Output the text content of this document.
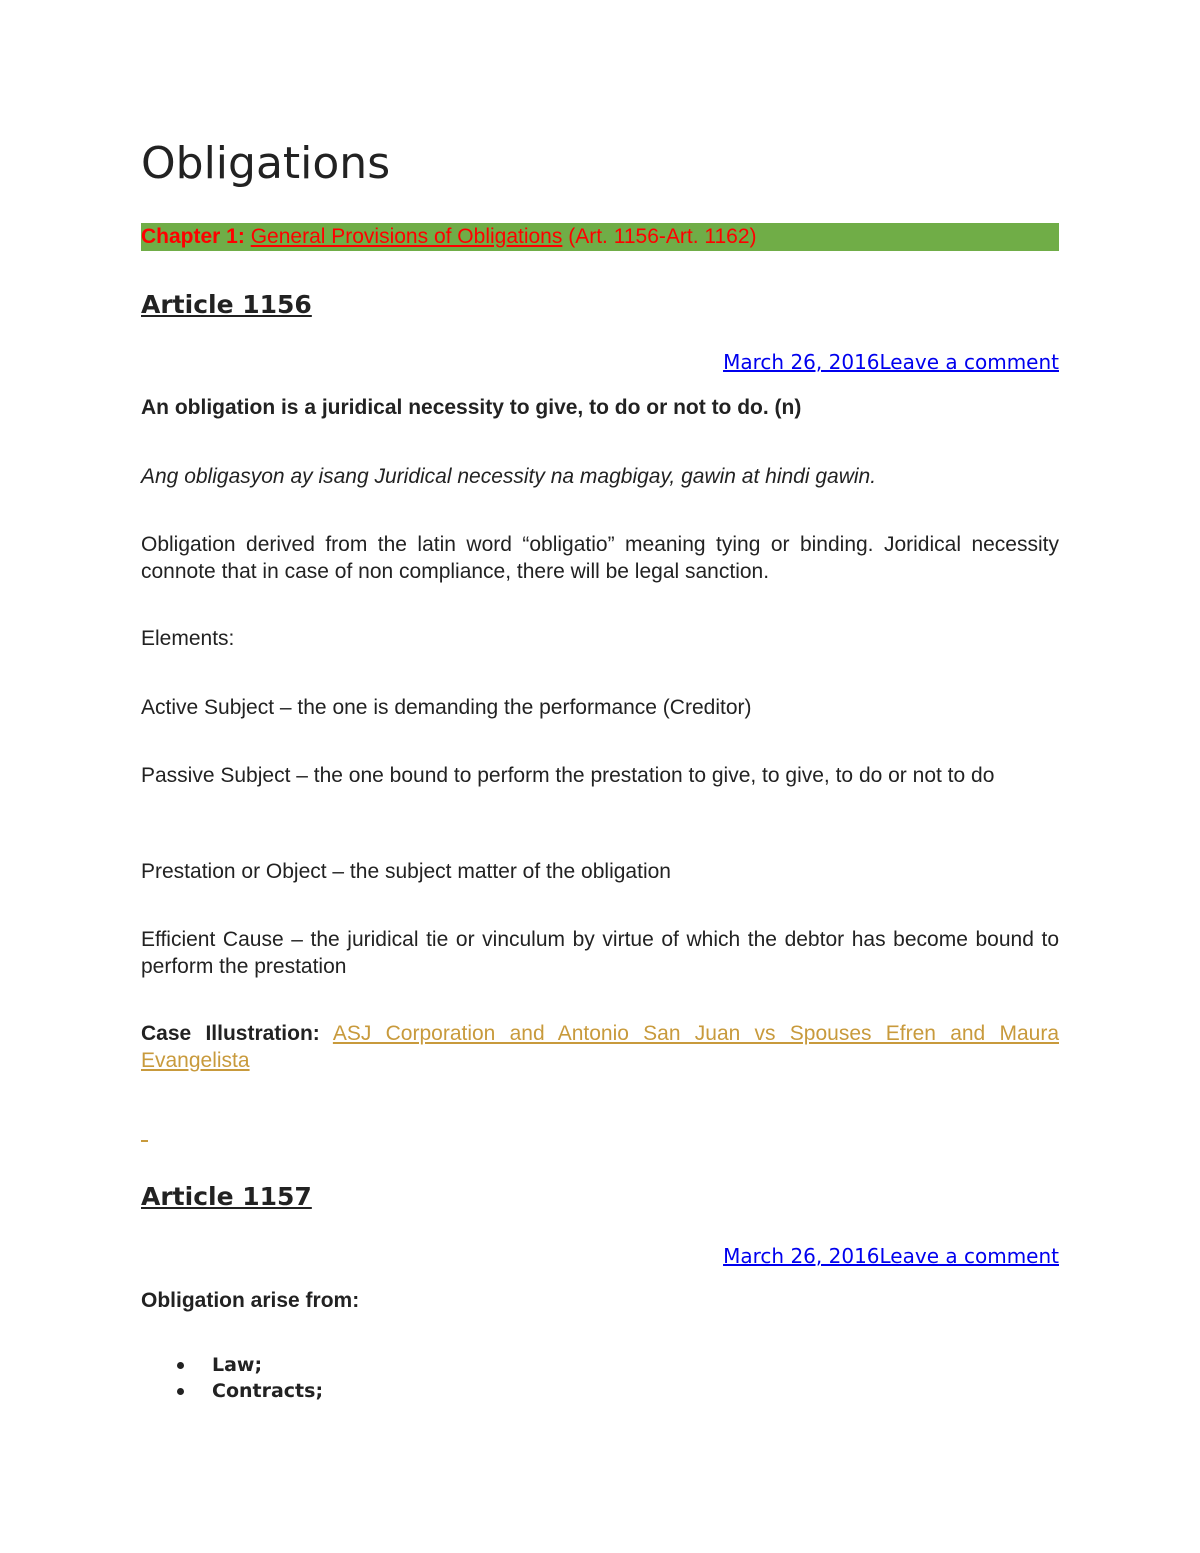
Obligations
Chapter 1: General Provisions of Obligations (Art. 1156-Art. 1162)
Article 1156
March 26, 2016Leave a comment

An obligation is a juridical necessity to give, to do or not to do. (n)

Ang obligasyon ay isang Juridical necessity na magbigay, gawin at hindi gawin.

Obligation derived from the latin word “obligatio” meaning tying or binding. Joridical necessity connote that in case of non compliance, there will be legal sanction.

Elements:

Active Subject – the one is demanding the performance (Creditor)

Passive Subject – the one bound to perform the prestation to give, to give, to do or not to do

Prestation or Object – the subject matter of the obligation

Efficient Cause – the juridical tie or vinculum by virtue of which the debtor has become bound to perform the prestation

Case Illustration: ASJ Corporation and Antonio San Juan vs Spouses Efren and Maura Evangelista

Article 1157
March 26, 2016Leave a comment

Obligation arise from:

Law;
Contracts;
